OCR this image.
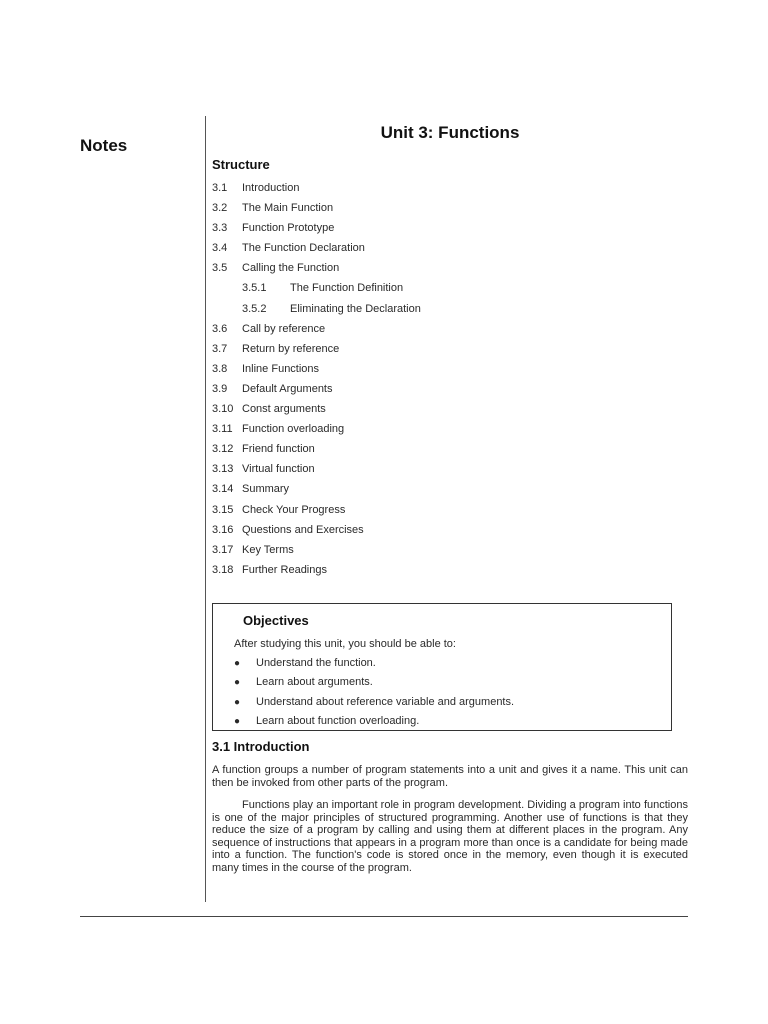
Notes
Unit 3: Functions
Structure
3.1 Introduction
3.2 The Main Function
3.3 Function Prototype
3.4 The Function Declaration
3.5 Calling the Function
3.5.1 The Function Definition
3.5.2 Eliminating the Declaration
3.6 Call by reference
3.7 Return by reference
3.8 Inline Functions
3.9 Default Arguments
3.10 Const arguments
3.11 Function overloading
3.12 Friend function
3.13 Virtual function
3.14 Summary
3.15 Check Your Progress
3.16 Questions and Exercises
3.17 Key Terms
3.18 Further Readings
Objectives
After studying this unit, you should be able to:
● Understand the function.
● Learn about arguments.
● Understand about reference variable and arguments.
● Learn about function overloading.
3.1 Introduction

A function groups a number of program statements into a unit and gives it a name. This unit can then be invoked from other parts of the program.

Functions play an important role in program development. Dividing a program into functions is one of the major principles of structured programming. Another use of functions is that they reduce the size of a program by calling and using them at different places in the program. Any sequence of instructions that appears in a program more than once is a candidate for being made into a function. The function's code is stored once in the memory, even though it is executed many times in the course of the program.
